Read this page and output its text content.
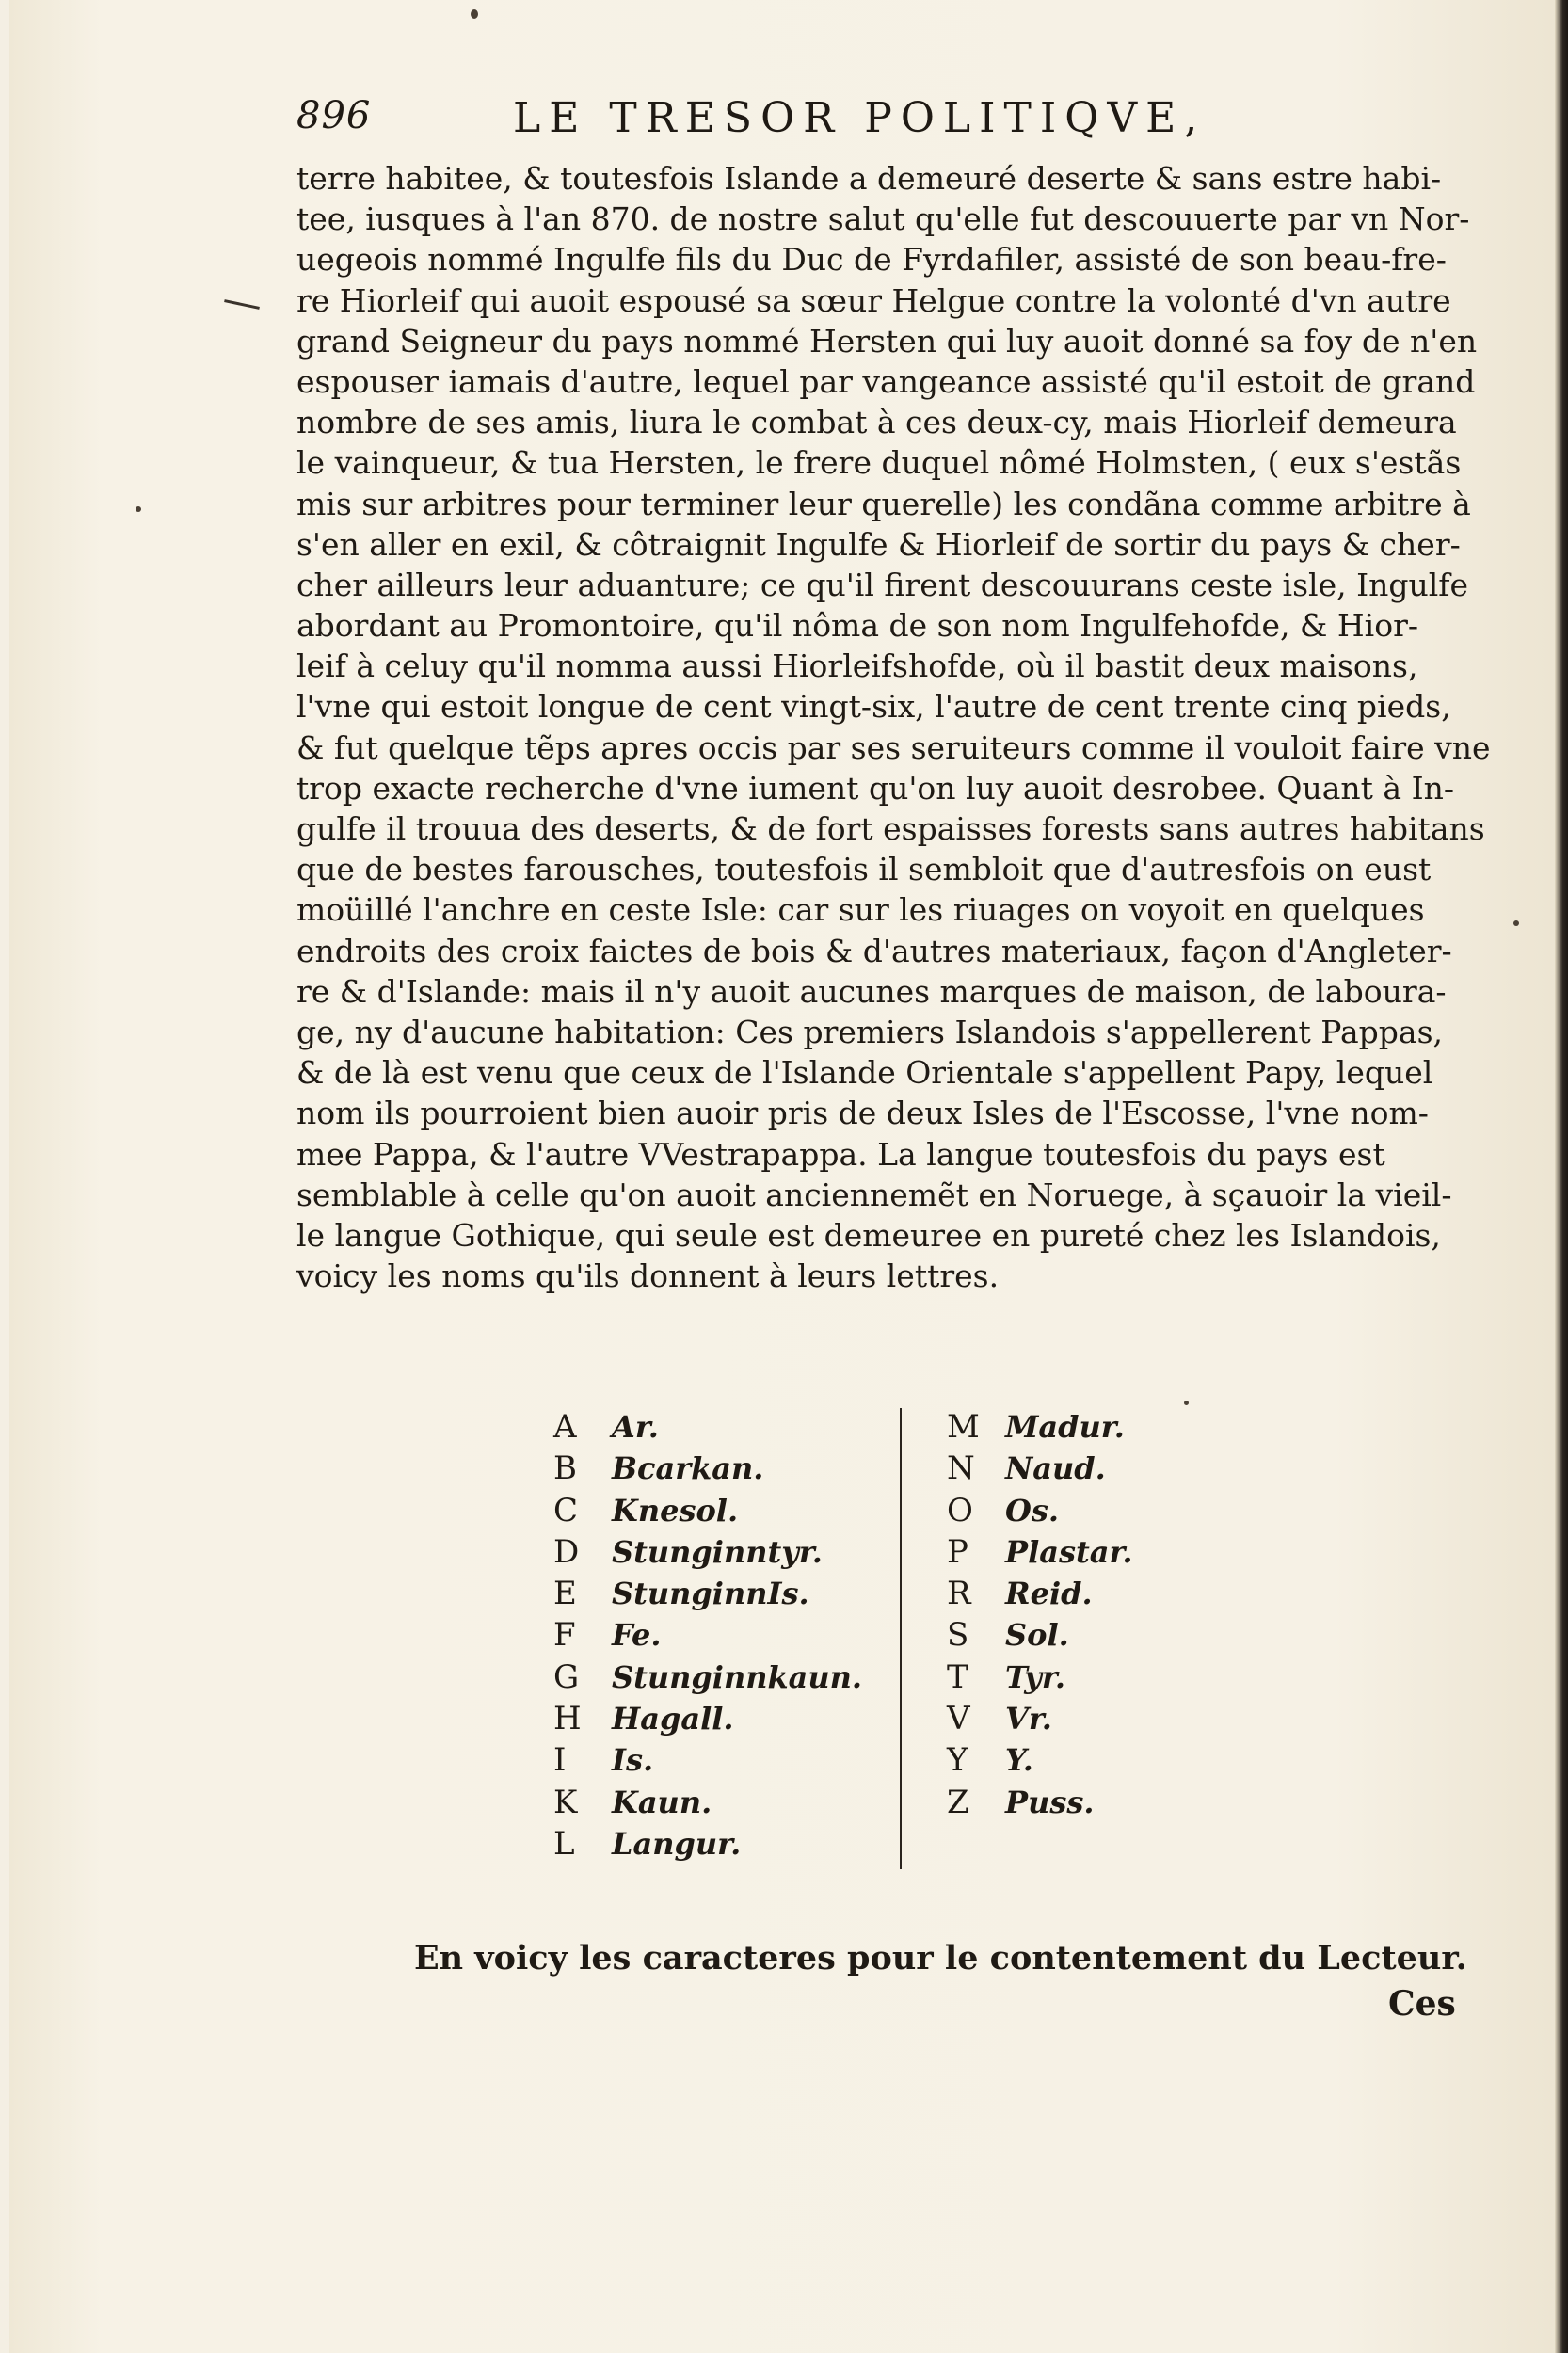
896	LE TRESOR POLITIQVE,
terre habitee, & toutesfois Islande a demeuré deserte & sans estre habi-
tee, iusques à l'an 870. de nostre salut qu'elle fut descouuerte par vn Nor-
uegeois nommé Ingulfe fils du Duc de Fyrdafiler, assisté de son beau-fre-
re Hiorleif qui auoit espousé sa sœur Helgue contre la volonté d'vn autre
grand Seigneur du pays nommé Hersten qui luy auoit donné sa foy de n'en
espouser iamais d'autre, lequel par vangeance assisté qu'il estoit de grand
nombre de ses amis, liura le combat à ces deux-cy, mais Hiorleif demeura
le vainqueur, & tua Hersten, le frere duquel nômé Holmsten, ( eux s'estãs
mis sur arbitres pour terminer leur querelle) les condãna comme arbitre à
s'en aller en exil, & côtraignit Ingulfe & Hiorleif de sortir du pays & cher-
cher ailleurs leur aduanture; ce qu'il firent descouurans ceste isle, Ingulfe
abordant au Promontoire, qu'il nôma de son nom Ingulfehofde, & Hior-
leif à celuy qu'il nomma aussi Hiorleifshofde, où il bastit deux maisons,
l'vne qui estoit longue de cent vingt-six, l'autre de cent trente cinq pieds,
& fut quelque tẽps apres occis par ses seruiteurs comme il vouloit faire vne
trop exacte recherche d'vne iument qu'on luy auoit desrobee. Quant à In-
gulfe il trouua des deserts, & de fort espaisses forests sans autres habitans
que de bestes farousches, toutesfois il sembloit que d'autresfois on eust
moüillé l'anchre en ceste Isle: car sur les riuages on voyoit en quelques
endroits des croix faictes de bois & d'autres materiaux, façon d'Angleter-
re & d'Islande: mais il n'y auoit aucunes marques de maison, de laboura-
ge, ny d'aucune habitation: Ces premiers Islandois s'appellerent Pappas,
& de là est venu que ceux de l'Islande Orientale s'appellent Papy, lequel
nom ils pourroient bien auoir pris de deux Isles de l'Escosse, l'vne nom-
mee Pappa, & l'autre VVestrapappa. La langue toutesfois du pays est
semblable à celle qu'on auoit anciennemẽt en Noruege, à sçauoir la vieil-
le langue Gothique, qui seule est demeuree en pureté chez les Islandois,
voicy les noms qu'ils donnent à leurs lettres.
A Ar.
B Bcarkan.
C Knesol.
D Stunginntyr.
E StunginnIs.
F Fe.
G Stunginnkaun.
H Hagall.
I Is.
K Kaun.
L Langur.
M Madur.
N Naud.
O Os.
P Plastar.
R Reid.
S Sol.
T Tyr.
V Vr.
Y Y.
Z Puss.
En voicy les caracteres pour le contentement du Lecteur.
Ces
